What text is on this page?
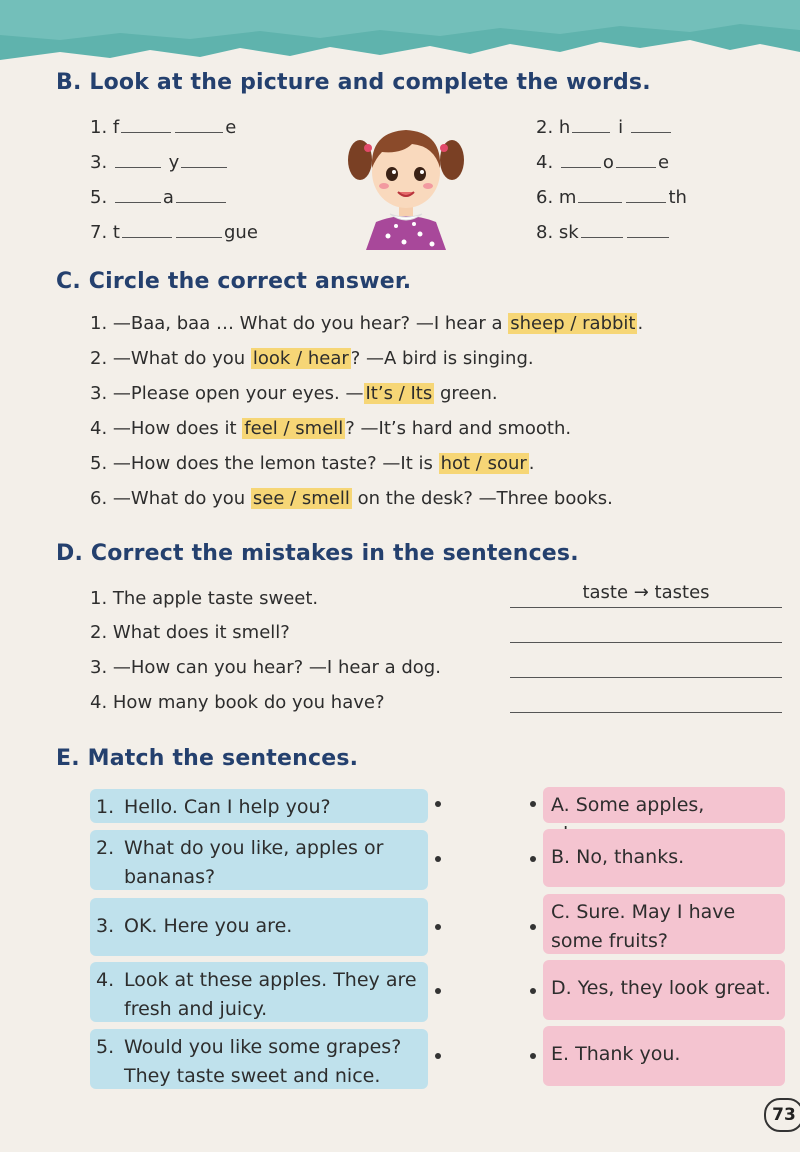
B. Look at the picture and complete the words.
1. f	e	2. h	i
3.	y	4.	o e
5.	a	6. m	th
7. t	gue	8. sk
C. Circle the correct answer.
1. —Baa, baa … What do you hear? —I hear a sheep / rabbit .
2. —What do you look / hear ? —A bird is singing.
3. —Please open your eyes. — It’s / Its green.
4. —How does it feel / smell ? —It’s hard and smooth.
5. —How does the lemon taste? —It is hot / sour .
6. —What do you see / smell on the desk? —Three books.
D. Correct the mistakes in the sentences.
1. The apple taste sweet.	taste → tastes
2. What does it smell?
3. —How can you hear? —I hear a dog.
4. How many book do you have?
E. Match the sentences.
1. Hello. Can I help you?
2. What do you like, apples or bananas?
3. OK. Here you are.
4. Look at these apples. They are fresh and juicy.
5. Would you like some grapes? They taste sweet and nice.
A. Some apples,
B. No, thanks.
C. Sure. May I have some fruits?
D. Yes, they look great.
E. Thank you.
73
